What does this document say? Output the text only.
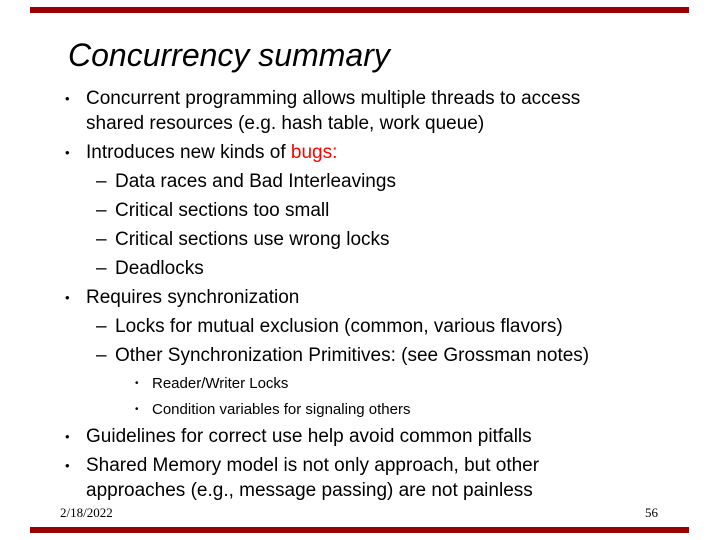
Concurrency summary
• Concurrent programming allows multiple threads to access
shared resources (e.g. hash table, work queue)
• Introduces new kinds of bugs:
– Data races and Bad Interleavings
– Critical sections too small
– Critical sections use wrong locks
– Deadlocks
• Requires synchronization
– Locks for mutual exclusion (common, various flavors)
– Other Synchronization Primitives: (see Grossman notes)
• Reader/Writer Locks
• Condition variables for signaling others
• Guidelines for correct use help avoid common pitfalls
• Shared Memory model is not only approach, but other
approaches (e.g., message passing) are not painless
2/18/2022	56
